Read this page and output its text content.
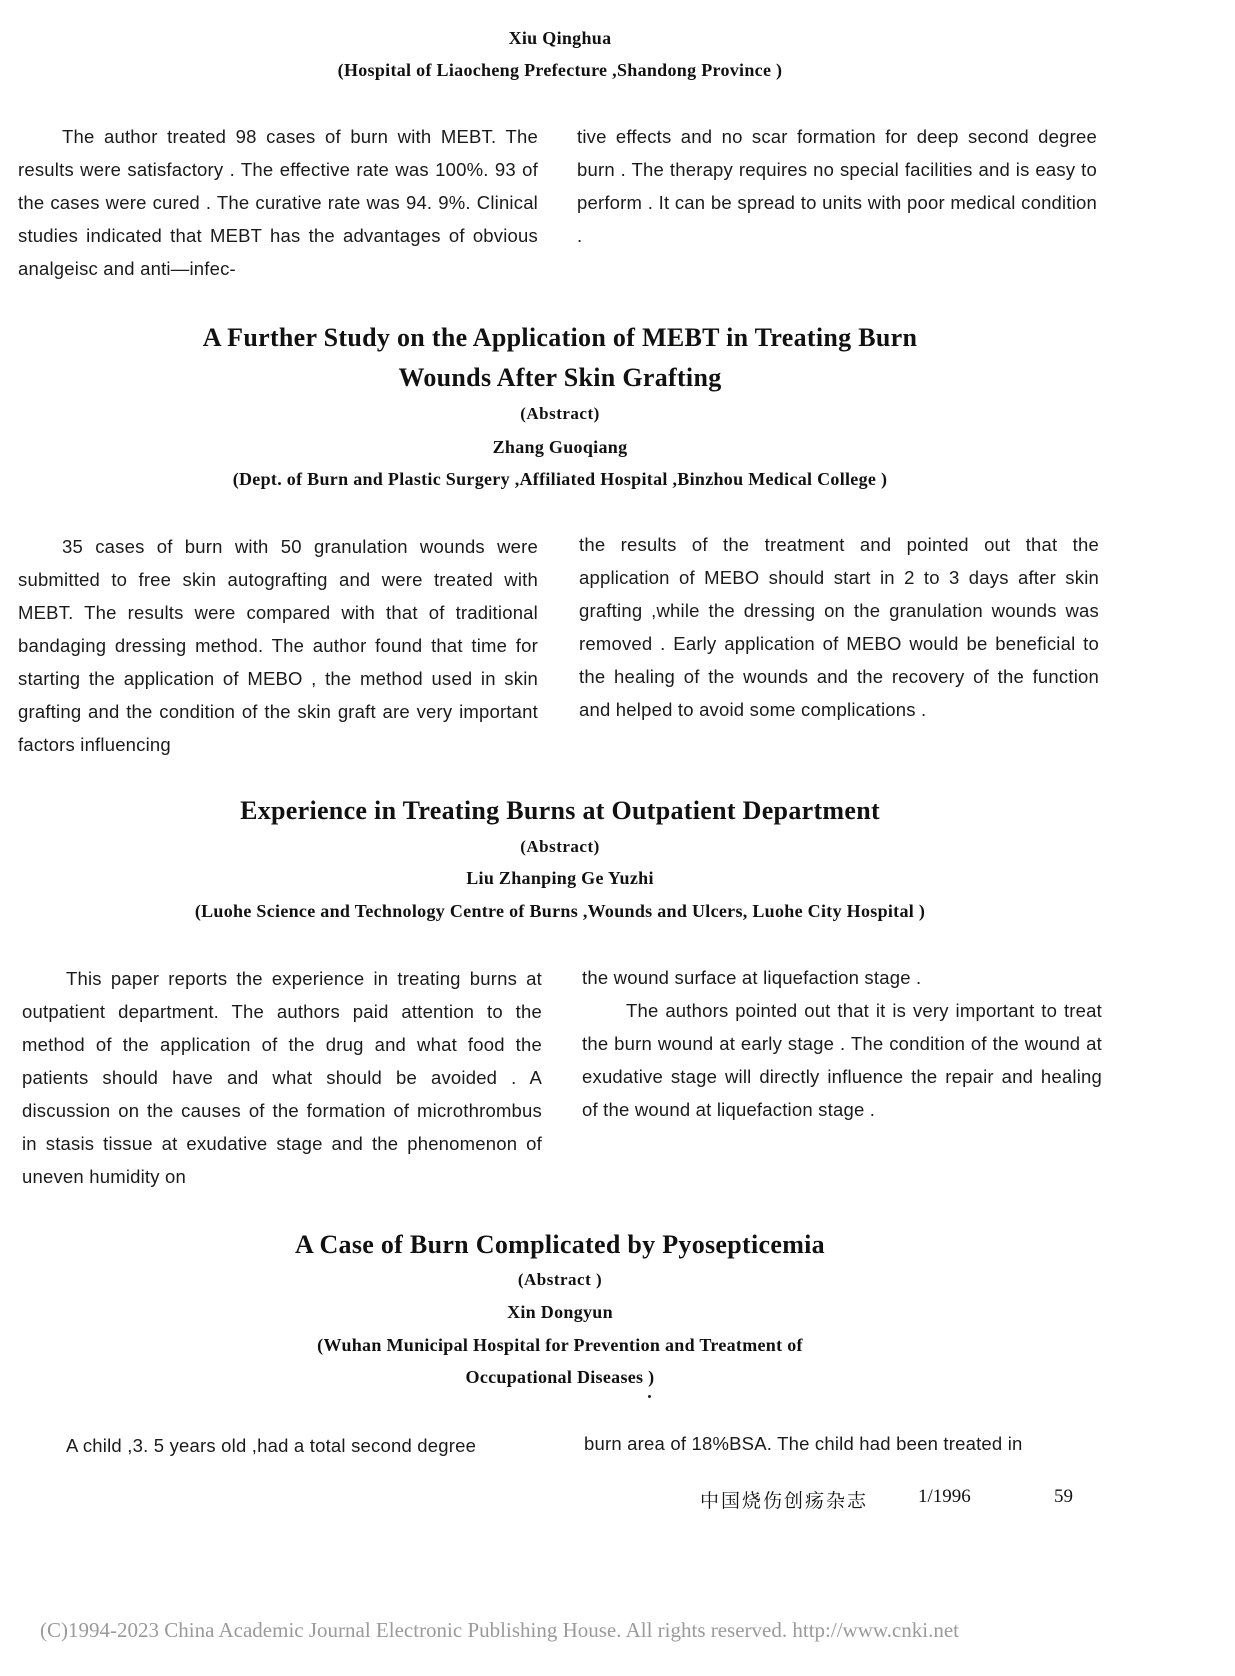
Xiu Qinghua
(Hospital of Liaocheng Prefecture ,Shandong Province )

The author treated 98 cases of burn with MEBT. The results were satisfactory . The effective rate was 100%. 93 of the cases were cured . The curative rate was 94. 9%. Clinical studies indicated that MEBT has the advantages of obvious analgeisc and anti—infec-

tive effects and no scar formation for deep second degree burn . The therapy requires no special facilities and is easy to perform . It can be spread to units with poor medical condition .

A Further Study on the Application of MEBT in Treating Burn
Wounds After Skin Grafting
(Abstract)
Zhang Guoqiang
(Dept. of Burn and Plastic Surgery ,Affiliated Hospital ,Binzhou Medical College )

35 cases of burn with 50 granulation wounds were submitted to free skin autografting and were treated with MEBT. The results were compared with that of traditional bandaging dressing method. The author found that time for starting the application of MEBO , the method used in skin grafting and the condition of the skin graft are very important factors influencing

the results of the treatment and pointed out that the application of MEBO should start in 2 to 3 days after skin grafting ,while the dressing on the granulation wounds was removed . Early application of MEBO would be beneficial to the healing of the wounds and the recovery of the function and helped to avoid some complications .

Experience in Treating Burns at Outpatient Department
(Abstract)
Liu Zhanping Ge Yuzhi
(Luohe Science and Technology Centre of Burns ,Wounds and Ulcers, Luohe City Hospital )

This paper reports the experience in treating burns at outpatient department. The authors paid attention to the method of the application of the drug and what food the patients should have and what should be avoided . A discussion on the causes of the formation of microthrombus in stasis tissue at exudative stage and the phenomenon of uneven humidity on

the wound surface at liquefaction stage .

The authors pointed out that it is very important to treat the burn wound at early stage . The condition of the wound at exudative stage will directly influence the repair and healing of the wound at liquefaction stage .

A Case of Burn Complicated by Pyosepticemia
(Abstract )
Xin Dongyun
(Wuhan Municipal Hospital for Prevention and Treatment of
Occupational Diseases )

A child ,3. 5 years old ,had a total second degree	burn area of 18%BSA. The child had been treated in

中国烧伤创疡杂志	1/1996	59
(C)1994-2023 China Academic Journal Electronic Publishing House. All rights reserved. http://www.cnki.net
